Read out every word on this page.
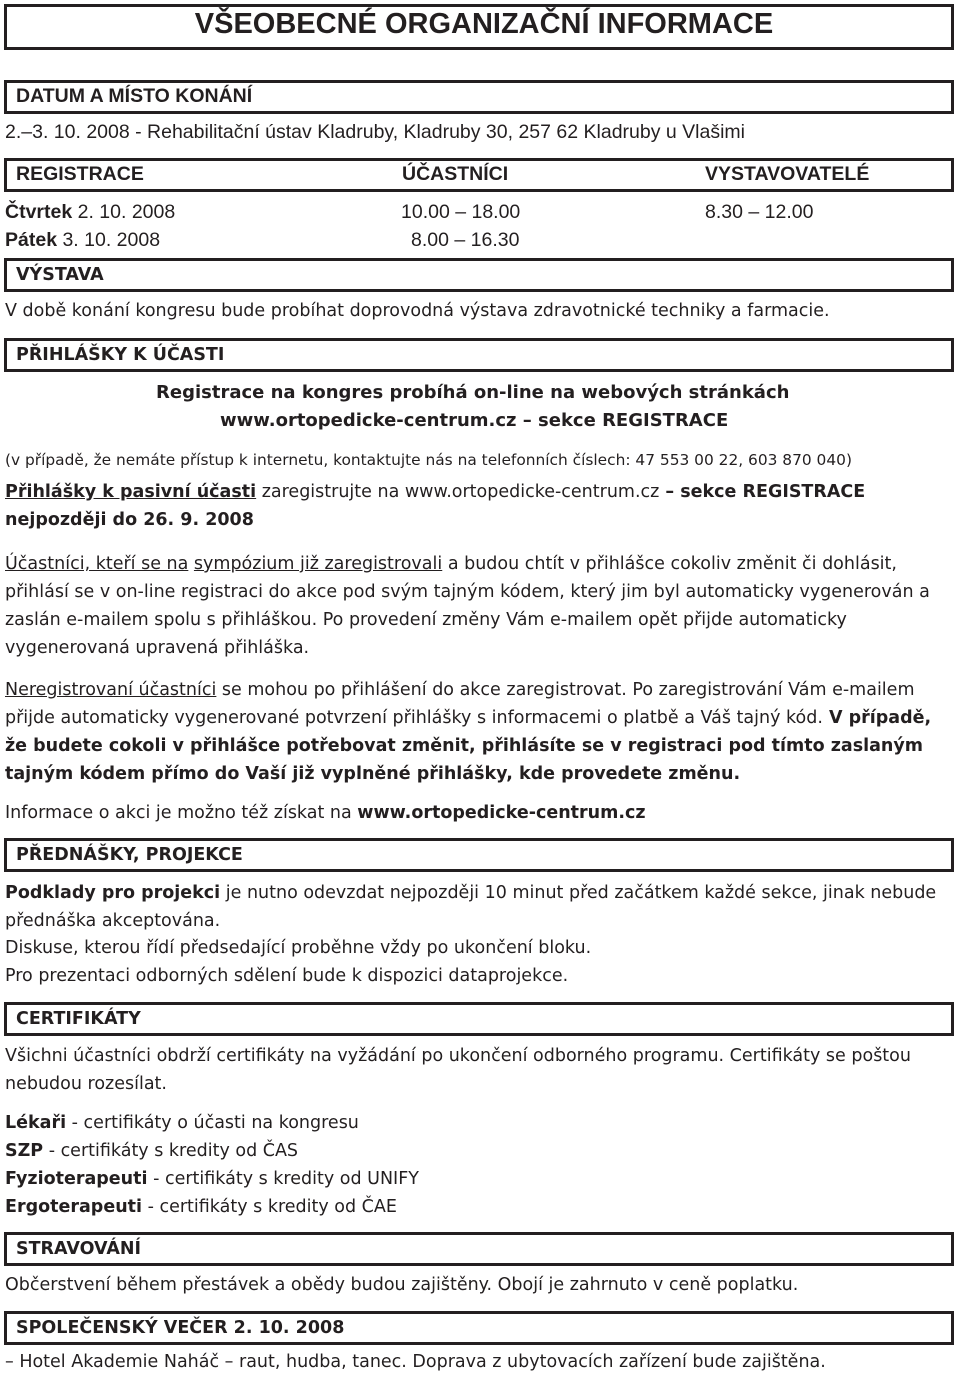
VŠEOBECNÉ ORGANIZAČNÍ INFORMACE
DATUM A MÍSTO KONÁNÍ
2.–3. 10. 2008 - Rehabilitační ústav Kladruby, Kladruby 30, 257 62 Kladruby u Vlašimi
REGISTRACE	ÚČASTNÍCI	VYSTAVOVATELÉ
Čtvrtek 2. 10. 2008	10.00 – 18.00	8.30 – 12.00
Pátek 3. 10. 2008	8.00 – 16.30
VÝSTAVA
V době konání kongresu bude probíhat doprovodná výstava zdravotnické techniky a farmacie.
PŘIHLÁŠKY K ÚČASTI
Registrace na kongres probíhá on-line na webových stránkách
www.ortopedicke-centrum.cz – sekce REGISTRACE
(v případě, že nemáte přístup k internetu, kontaktujte nás na telefonních číslech: 47 553 00 22, 603 870 040)
Přihlášky k pasivní účasti zaregistrujte na www.ortopedicke-centrum.cz – sekce REGISTRACE
nejpozději do 26. 9. 2008
Účastníci, kteří se na sympózium již zaregistrovali a budou chtít v přihlášce cokoliv změnit či dohlásit, přihlásí se v on-line registraci do akce pod svým tajným kódem, který jim byl automaticky vygenerován a zaslán e-mailem spolu s přihláškou. Po provedení změny Vám e-mailem opět přijde automaticky vygenerovaná upravená přihláška.
Neregistrovaní účastníci se mohou po přihlášení do akce zaregistrovat. Po zaregistrování Vám e-mailem přijde automaticky vygenerované potvrzení přihlášky s informacemi o platbě a Váš tajný kód. V případě, že budete cokoli v přihlášce potřebovat změnit, přihlásíte se v registraci pod tímto zaslaným tajným kódem přímo do Vaší již vyplněné přihlášky, kde provedete změnu.
Informace o akci je možno též získat na www.ortopedicke-centrum.cz
PŘEDNÁŠKY, PROJEKCE
Podklady pro projekci je nutno odevzdat nejpozději 10 minut před začátkem každé sekce, jinak nebude přednáška akceptována.
Diskuse, kterou řídí předsedající proběhne vždy po ukončení bloku.
Pro prezentaci odborných sdělení bude k dispozici dataprojekce.
CERTIFIKÁTY
Všichni účastníci obdrží certifikáty na vyžádání po ukončení odborného programu. Certifikáty se poštou nebudou rozesílat.
Lékaři - certifikáty o účasti na kongresu
SZP - certifikáty s kredity od ČAS
Fyzioterapeuti - certifikáty s kredity od UNIFY
Ergoterapeuti - certifikáty s kredity od ČAE
STRAVOVÁNÍ
Občerstvení během přestávek a obědy budou zajištěny. Obojí je zahrnuto v ceně poplatku.
SPOLEČENSKÝ VEČER 2. 10. 2008
– Hotel Akademie Naháč – raut, hudba, tanec. Doprava z ubytovacích zařízení bude zajištěna.
